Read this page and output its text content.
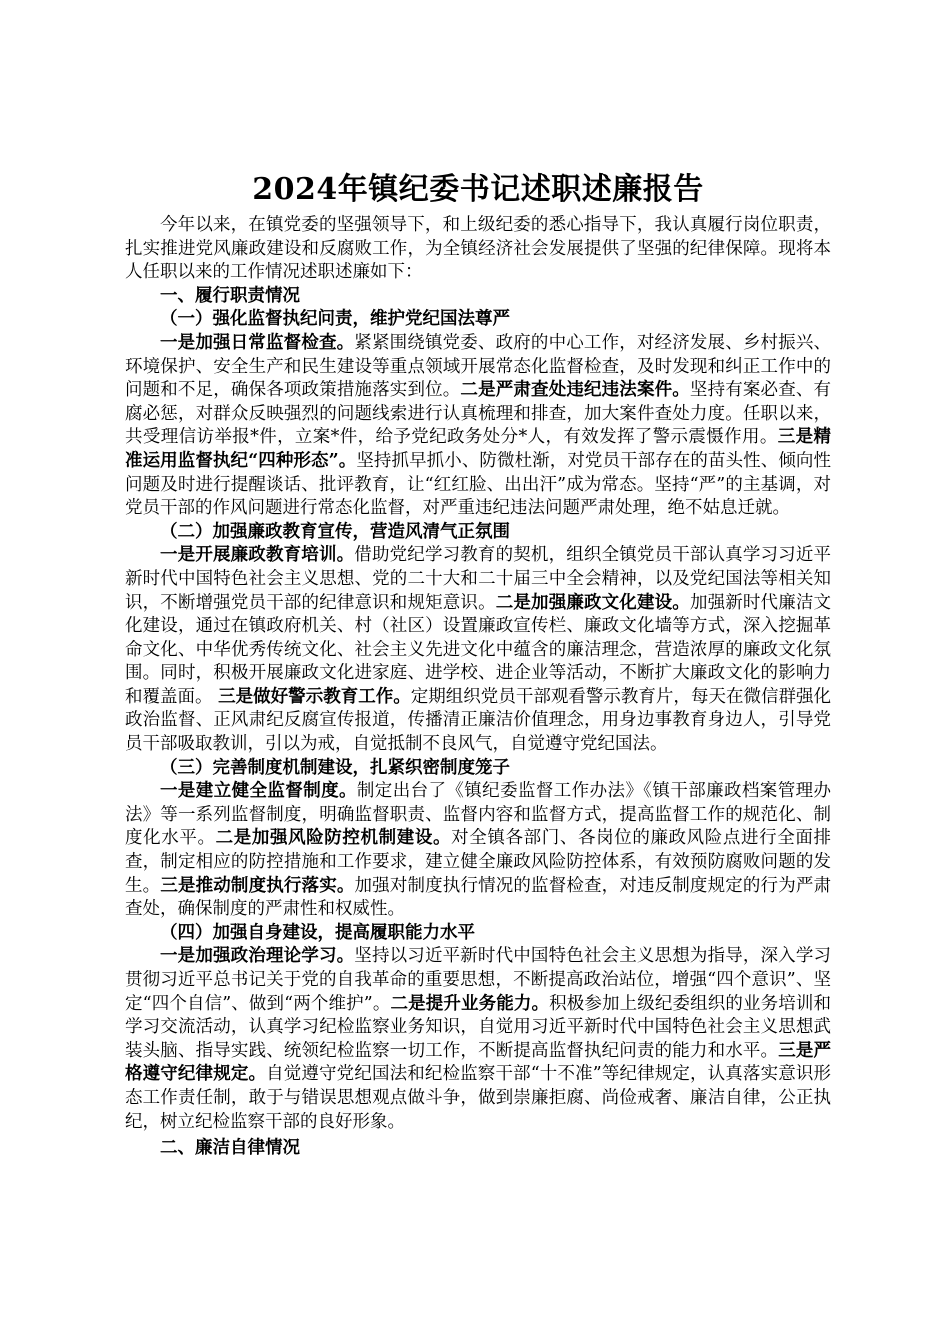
2024年镇纪委书记述职述廉报告

今年以来，在镇党委的坚强领导下，和上级纪委的悉心指导下，我认真履行岗位职责，扎实推进党风廉政建设和反腐败工作，为全镇经济社会发展提供了坚强的纪律保障。现将本人任职以来的工作情况述职述廉如下：

一、履行职责情况

（一）强化监督执纪问责，维护党纪国法尊严

一是加强日常监督检查。紧紧围绕镇党委、政府的中心工作，对经济发展、乡村振兴、环境保护、安全生产和民生建设等重点领域开展常态化监督检查，及时发现和纠正工作中的问题和不足，确保各项政策措施落实到位。二是严肃查处违纪违法案件。坚持有案必查、有腐必惩，对群众反映强烈的问题线索进行认真梳理和排查，加大案件查处力度。任职以来，共受理信访举报*件，立案*件，给予党纪政务处分*人，有效发挥了警示震慑作用。三是精准运用监督执纪“四种形态”。坚持抓早抓小、防微杜渐，对党员干部存在的苗头性、倾向性问题及时进行提醒谈话、批评教育，让“红红脸、出出汗”成为常态。坚持“严”的主基调，对党员干部的作风问题进行常态化监督，对严重违纪违法问题严肃处理，绝不姑息迁就。

（二）加强廉政教育宣传，营造风清气正氛围

一是开展廉政教育培训。借助党纪学习教育的契机，组织全镇党员干部认真学习习近平新时代中国特色社会主义思想、党的二十大和二十届三中全会精神，以及党纪国法等相关知识，不断增强党员干部的纪律意识和规矩意识。二是加强廉政文化建设。加强新时代廉洁文化建设，通过在镇政府机关、村（社区）设置廉政宣传栏、廉政文化墙等方式，深入挖掘革命文化、中华优秀传统文化、社会主义先进文化中蕴含的廉洁理念，营造浓厚的廉政文化氛围。同时，积极开展廉政文化进家庭、进学校、进企业等活动，不断扩大廉政文化的影响力和覆盖面。 三是做好警示教育工作。定期组织党员干部观看警示教育片，每天在微信群强化政治监督、正风肃纪反腐宣传报道，传播清正廉洁价值理念，用身边事教育身边人，引导党员干部吸取教训，引以为戒，自觉抵制不良风气，自觉遵守党纪国法。

（三）完善制度机制建设，扎紧织密制度笼子

一是建立健全监督制度。制定出台了《镇纪委监督工作办法》《镇干部廉政档案管理办法》等一系列监督制度，明确监督职责、监督内容和监督方式，提高监督工作的规范化、制度化水平。二是加强风险防控机制建设。对全镇各部门、各岗位的廉政风险点进行全面排查，制定相应的防控措施和工作要求，建立健全廉政风险防控体系，有效预防腐败问题的发生。三是推动制度执行落实。加强对制度执行情况的监督检查，对违反制度规定的行为严肃查处，确保制度的严肃性和权威性。

（四）加强自身建设，提高履职能力水平

一是加强政治理论学习。坚持以习近平新时代中国特色社会主义思想为指导，深入学习贯彻习近平总书记关于党的自我革命的重要思想，不断提高政治站位，增强“四个意识”、坚定“四个自信”、做到“两个维护”。二是提升业务能力。积极参加上级纪委组织的业务培训和学习交流活动，认真学习纪检监察业务知识，自觉用习近平新时代中国特色社会主义思想武装头脑、指导实践、统领纪检监察一切工作，不断提高监督执纪问责的能力和水平。三是严格遵守纪律规定。自觉遵守党纪国法和纪检监察干部“十不准”等纪律规定，认真落实意识形态工作责任制，敢于与错误思想观点做斗争，做到崇廉拒腐、尚俭戒奢、廉洁自律，公正执纪，树立纪检监察干部的良好形象。

二、廉洁自律情况
